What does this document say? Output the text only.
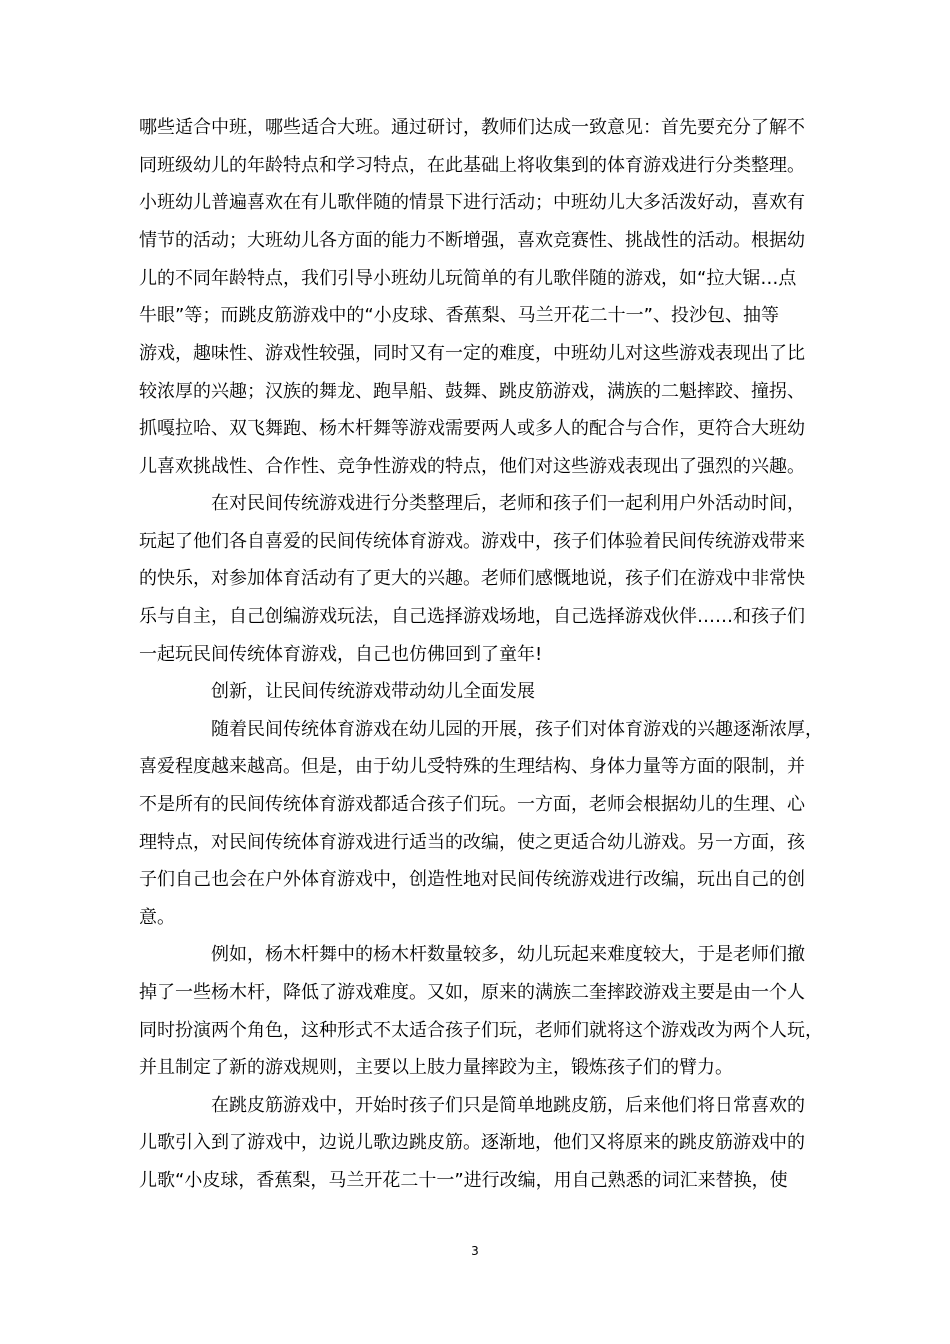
哪些适合中班，哪些适合大班。通过研讨，教师们达成一致意见：首先要充分了解不
同班级幼儿的年龄特点和学习特点，在此基础上将收集到的体育游戏进行分类整理。
小班幼儿普遍喜欢在有儿歌伴随的情景下进行活动；中班幼儿大多活泼好动，喜欢有
情节的活动；大班幼儿各方面的能力不断增强，喜欢竞赛性、挑战性的活动。根据幼
儿的不同年龄特点，我们引导小班幼儿玩简单的有儿歌伴随的游戏，如“拉大锯…点
牛眼”等；而跳皮筋游戏中的“小皮球、香蕉梨、马兰开花二十一”、投沙包、抽等
游戏，趣味性、游戏性较强，同时又有一定的难度，中班幼儿对这些游戏表现出了比
较浓厚的兴趣；汉族的舞龙、跑旱船、鼓舞、跳皮筋游戏，满族的二魁摔跤、撞拐、
抓嘎拉哈、双飞舞跑、杨木杆舞等游戏需要两人或多人的配合与合作，更符合大班幼
儿喜欢挑战性、合作性、竞争性游戏的特点，他们对这些游戏表现出了强烈的兴趣。
在对民间传统游戏进行分类整理后，老师和孩子们一起利用户外活动时间，
玩起了他们各自喜爱的民间传统体育游戏。游戏中，孩子们体验着民间传统游戏带来
的快乐，对参加体育活动有了更大的兴趣。老师们感慨地说，孩子们在游戏中非常快
乐与自主，自己创编游戏玩法，自己选择游戏场地，自己选择游戏伙伴……和孩子们
一起玩民间传统体育游戏，自己也仿佛回到了童年!
创新，让民间传统游戏带动幼儿全面发展
随着民间传统体育游戏在幼儿园的开展，孩子们对体育游戏的兴趣逐渐浓厚，
喜爱程度越来越高。但是，由于幼儿受特殊的生理结构、身体力量等方面的限制，并
不是所有的民间传统体育游戏都适合孩子们玩。一方面，老师会根据幼儿的生理、心
理特点，对民间传统体育游戏进行适当的改编，使之更适合幼儿游戏。另一方面，孩
子们自己也会在户外体育游戏中，创造性地对民间传统游戏进行改编，玩出自己的创
意。
例如，杨木杆舞中的杨木杆数量较多，幼儿玩起来难度较大，于是老师们撤
掉了一些杨木杆，降低了游戏难度。又如，原来的满族二奎摔跤游戏主要是由一个人
同时扮演两个角色，这种形式不太适合孩子们玩，老师们就将这个游戏改为两个人玩，
并且制定了新的游戏规则，主要以上肢力量摔跤为主，锻炼孩子们的臂力。
在跳皮筋游戏中，开始时孩子们只是简单地跳皮筋，后来他们将日常喜欢的
儿歌引入到了游戏中，边说儿歌边跳皮筋。逐渐地，他们又将原来的跳皮筋游戏中的
儿歌“小皮球，香蕉梨，马兰开花二十一”进行改编，用自己熟悉的词汇来替换，使
3
